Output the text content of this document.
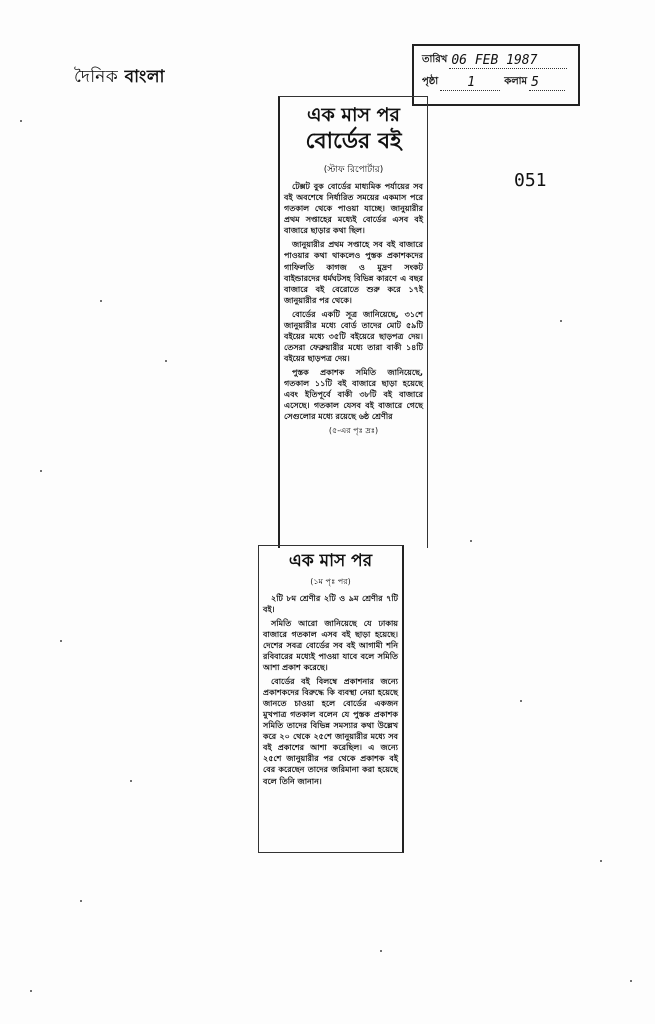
দৈনিক বাংলা
তারিখ 06 FEB 1987
পৃষ্ঠা	1	কলাম 5
051
এক মাস পর
বোর্ডের বই
(স্টাফ রিপোর্টার)

টেক্সট বুক বোর্ডের মাধ্যমিক পর্যায়ের সব বই অবশেষে নির্ধারিত সময়ের একমাস পরে গতকাল থেকে পাওয়া যাচ্ছে। জানুয়ারীর প্রথম সপ্তাহের মধ্যেই বোর্ডের এসব বই বাজারে ছাড়ার কথা ছিল।

জানুয়ারীর প্রথম সপ্তাহে সব বই বাজারে পাওয়ার কথা থাকলেও পুস্তক প্রকাশকদের গাফিলতি কাগজ ও মুদ্রণ সংকট বাইন্ডারদের ধর্মঘটসহ বিভিন্ন কারণে এ বছর বাজারে বই বেরোতে শুরু করে ১৭ই জানুয়ারীর পর থেকে।

বোর্ডের একটি সূত্র জানিয়েছে, ৩১শে জানুয়ারীর মধ্যে বোর্ড তাদের মোট ৫৯টি বইয়ের মধ্যে ৩৫টি বইয়েরে ছাড়পত্র দেয়। তেসরা ফেব্রুয়ারীর মধ্যে তারা বাকী ১৪টি বইয়ের ছাড়পত্র দেয়।

পুস্তক প্রকাশক সমিতি জানিয়েছে, গতকাল ১১টি বই বাজারে ছাড়া হয়েছে এবং ইতিপূর্বে বাকী ৩৮টি বই বাজারে এসেছে। গতকাল যেসব বই বাজারে গেছে সেগুলোর মধ্যে রয়েছে ৬ষ্ঠ শ্রেণীর

(৫-এর পৃঃ দ্রঃ)
এক মাস পর
(১ম পৃঃ পর)

২টি ৮ম শ্রেণীর ২টি ও ৯ম শ্রেণীর ৭টি বই।

সমিতি আরো জানিয়েছে যে ঢাকায় বাজারে গতকাল এসব বই ছাড়া হয়েছে। দেশের সবত্র বোর্ডের সব বই আগামী শনি রবিবারের মধ্যেই পাওয়া যাবে বলে সমিতি আশা প্রকাশ করেছে।

বোর্ডের বই বিলম্বে প্রকাশনার জন্যে প্রকাশকদের বিরুদ্ধে কি ব্যবস্থা নেয়া হয়েছে জানতে চাওয়া হলে বোর্ডের একজন মুখপাত্র গতকাল বলেন যে পুস্তক প্রকাশক সমিতি তাদের বিভিন্ন সমস্যার কথা উল্লেখ করে ২০ থেকে ২৫শে জানুয়ারীর মধ্যে সব বই প্রকাশের আশা করেছিল। এ জন্যে ২৫শে জানুয়ারীর পর থেকে প্রকাশক বই বের করেছেন তাদের জরিমানা করা হয়েছে বলে তিনি জানান।
